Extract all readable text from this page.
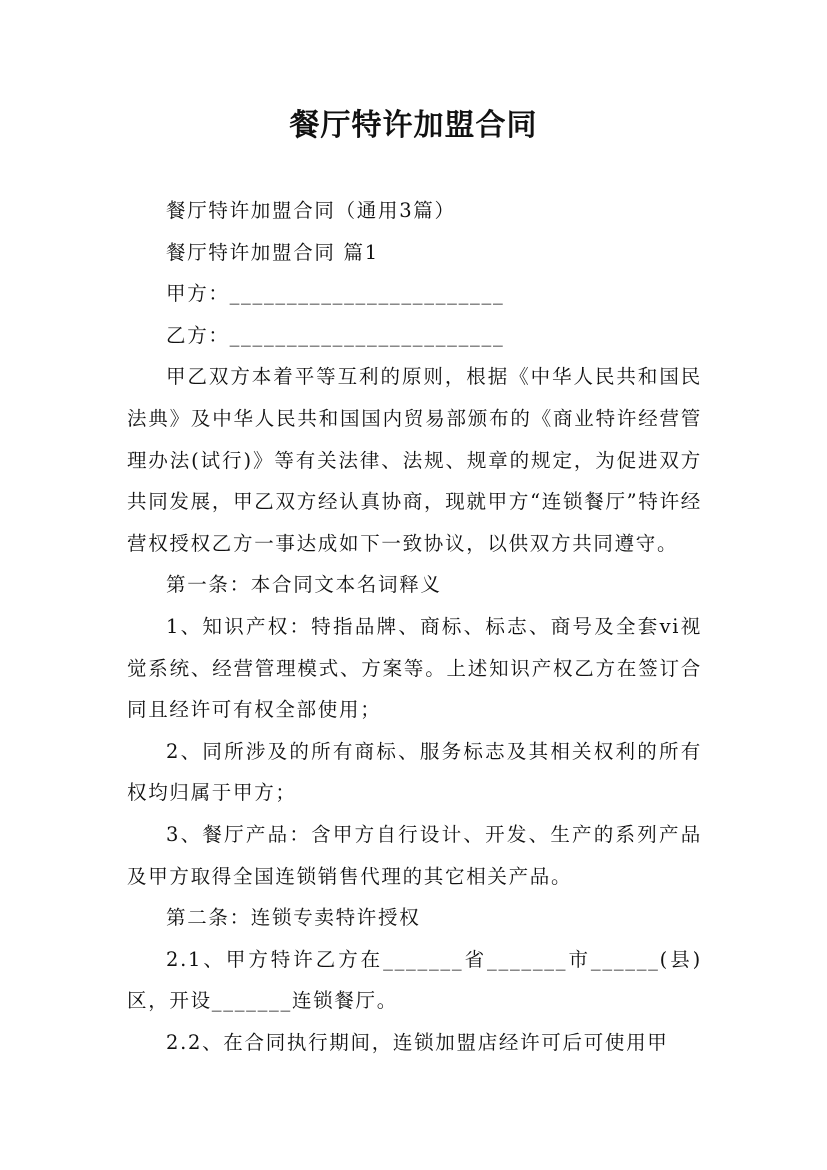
餐厅特许加盟合同

餐厅特许加盟合同（通用3篇）

餐厅特许加盟合同 篇1

甲方：________________________

乙方：________________________

甲乙双方本着平等互利的原则，根据《中华人民共和国民法典》及中华人民共和国国内贸易部颁布的《商业特许经营管理办法(试行)》等有关法律、法规、规章的规定，为促进双方共同发展，甲乙双方经认真协商，现就甲方“连锁餐厅”特许经营权授权乙方一事达成如下一致协议，以供双方共同遵守。

第一条：本合同文本名词释义

1、知识产权：特指品牌、商标、标志、商号及全套vi视觉系统、经营管理模式、方案等。上述知识产权乙方在签订合同且经许可有权全部使用；

2、同所涉及的所有商标、服务标志及其相关权利的所有权均归属于甲方；

3、餐厅产品：含甲方自行设计、开发、生产的系列产品及甲方取得全国连锁销售代理的其它相关产品。

第二条：连锁专卖特许授权

2.1、甲方特许乙方在_______省_______市______(县)区，开设_______连锁餐厅。

2.2、在合同执行期间，连锁加盟店经许可后可使用甲
